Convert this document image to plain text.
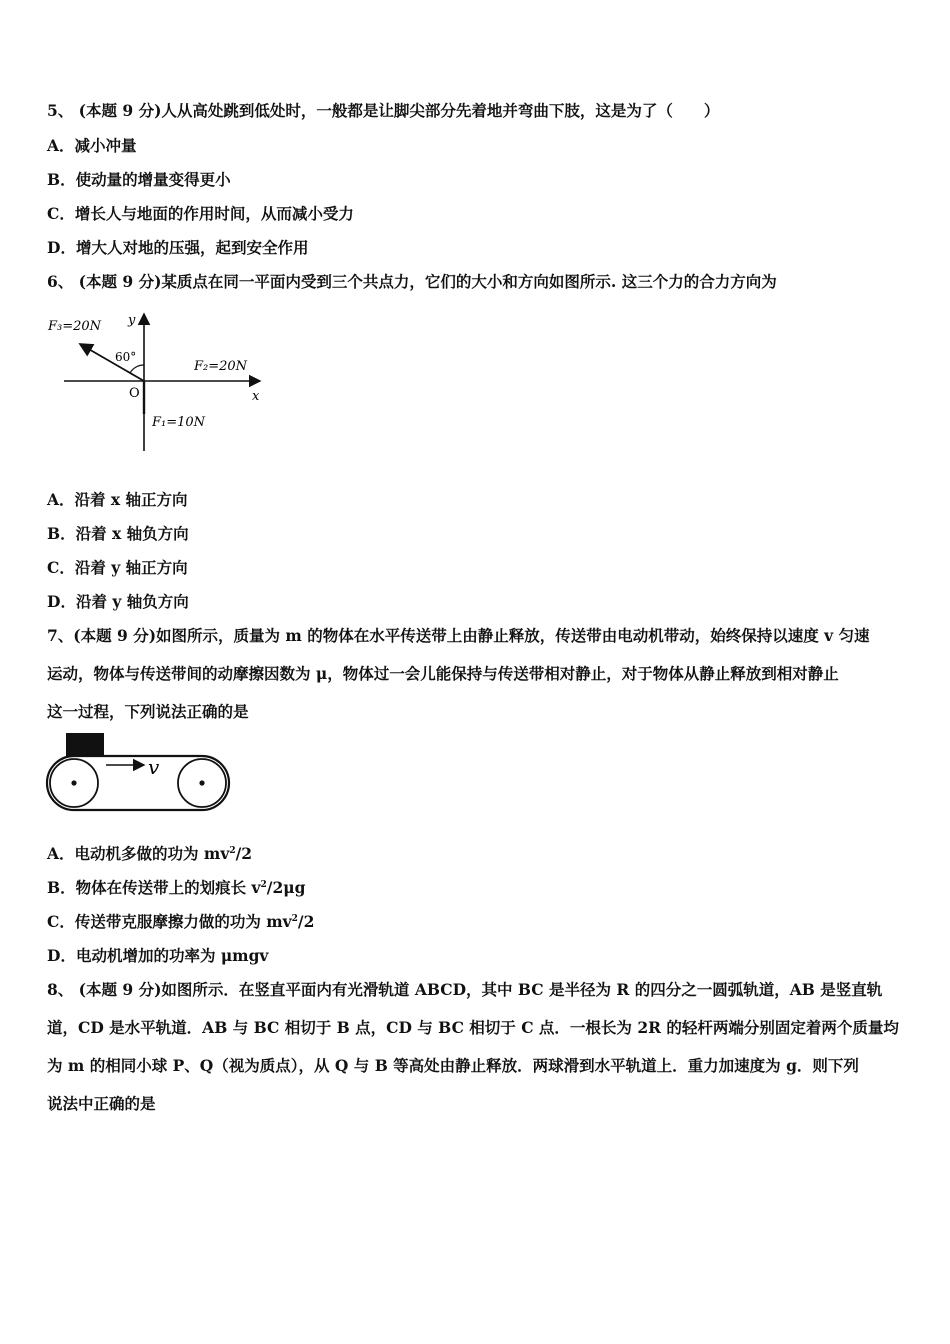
5、 (本题 9 分)人从高处跳到低处时，一般都是让脚尖部分先着地并弯曲下肢，这是为了（　　）
A．减小冲量
B．使动量的增量变得更小
C．增长人与地面的作用时间，从而减小受力
D．增大人对地的压强，起到安全作用
6、 (本题 9 分)某质点在同一平面内受到三个共点力，它们的大小和方向如图所示. 这三个力的合力方向为
F₃=20N
60°
y
F₂=20N
O	x
F₁=10N
A．沿着 x 轴正方向
B．沿着 x 轴负方向
C．沿着 y 轴正方向
D．沿着 y 轴负方向
7、(本题 9 分)如图所示，质量为 m 的物体在水平传送带上由静止释放，传送带由电动机带动，始终保持以速度 v 匀速
运动，物体与传送带间的动摩擦因数为 μ，物体过一会儿能保持与传送带相对静止，对于物体从静止释放到相对静止
这一过程，下列说法正确的是
v
A．电动机多做的功为 $mv^2/2$
B．物体在传送带上的划痕长 $v^2/2\mu g$
C．传送带克服摩擦力做的功为 $mv^2/2$
D．电动机增加的功率为 μmgv
8、 (本题 9 分)如图所示．在竖直平面内有光滑轨道 ABCD，其中 BC 是半径为 R 的四分之一圆弧轨道，AB 是竖直轨
道，CD 是水平轨道．AB 与 BC 相切于 B 点，CD 与 BC 相切于 C 点．一根长为 2R 的轻杆两端分别固定着两个质量均
为 m 的相同小球 P、Q（视为质点），从 Q 与 B 等高处由静止释放．两球滑到水平轨道上．重力加速度为 g．则下列
说法中正确的是
